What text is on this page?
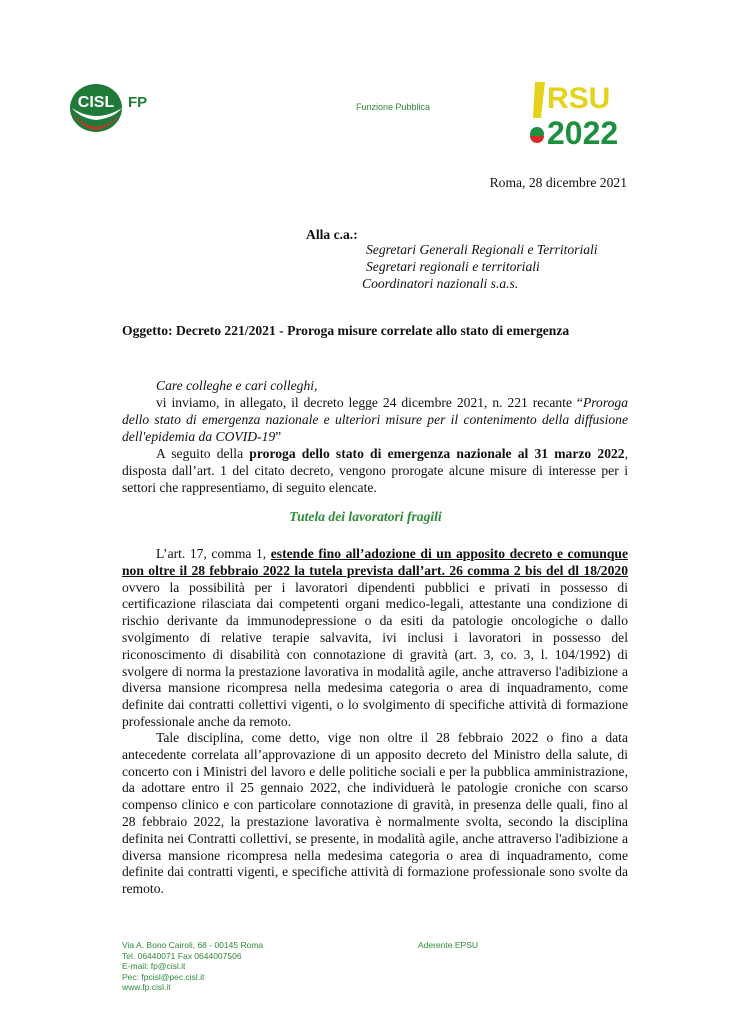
CISL FP	Funzione Pubblica	RSU
2022
Roma, 28 dicembre 2021
Alla c.a.:
Segretari Generali Regionali e Territoriali
Segretari regionali e territoriali
Coordinatori nazionali s.a.s.
Oggetto: Decreto 221/2021 - Proroga misure correlate allo stato di emergenza
Care colleghe e cari colleghi,
vi inviamo, in allegato, il decreto legge 24 dicembre 2021, n. 221 recante “Proroga dello stato di emergenza nazionale e ulteriori misure per il contenimento della diffusione dell'epidemia da COVID-19”
A seguito della proroga dello stato di emergenza nazionale al 31 marzo 2022, disposta dall’art. 1 del citato decreto, vengono prorogate alcune misure di interesse per i settori che rappresentiamo, di seguito elencate.
Tutela dei lavoratori fragili
L’art. 17, comma 1, estende fino all’adozione di un apposito decreto e comunque non oltre il 28 febbraio 2022 la tutela prevista dall’art. 26 comma 2 bis del dl 18/2020 ovvero la possibilità per i lavoratori dipendenti pubblici e privati in possesso di certificazione rilasciata dai competenti organi medico-legali, attestante una condizione di rischio derivante da immunodepressione o da esiti da patologie oncologiche o dallo svolgimento di relative terapie salvavita, ivi inclusi i lavoratori in possesso del riconoscimento di disabilità con connotazione di gravità (art. 3, co. 3, l. 104/1992) di svolgere di norma la prestazione lavorativa in modalità agile, anche attraverso l'adibizione a diversa mansione ricompresa nella medesima categoria o area di inquadramento, come definite dai contratti collettivi vigenti, o lo svolgimento di specifiche attività di formazione professionale anche da remoto.
Tale disciplina, come detto, vige non oltre il 28 febbraio 2022 o fino a data antecedente correlata all’approvazione di un apposito decreto del Ministro della salute, di concerto con i Ministri del lavoro e delle politiche sociali e per la pubblica amministrazione, da adottare entro il 25 gennaio 2022, che individuerà le patologie croniche con scarso compenso clinico e con particolare connotazione di gravità, in presenza delle quali, fino al 28 febbraio 2022, la prestazione lavorativa è normalmente svolta, secondo la disciplina definita nei Contratti collettivi, se presente, in modalità agile, anche attraverso l'adibizione a diversa mansione ricompresa nella medesima categoria o area di inquadramento, come definite dai contratti vigenti, e specifiche attività di formazione professionale sono svolte da remoto.
Via A. Bono Cairoli, 68 - 00145 Roma
Tel. 06440071 Fax 0644007506
E-mail: fp@cisl.it
Pec: fpcisl@pec.cisl.it
www.fp.cisl.it
Aderente EPSU
